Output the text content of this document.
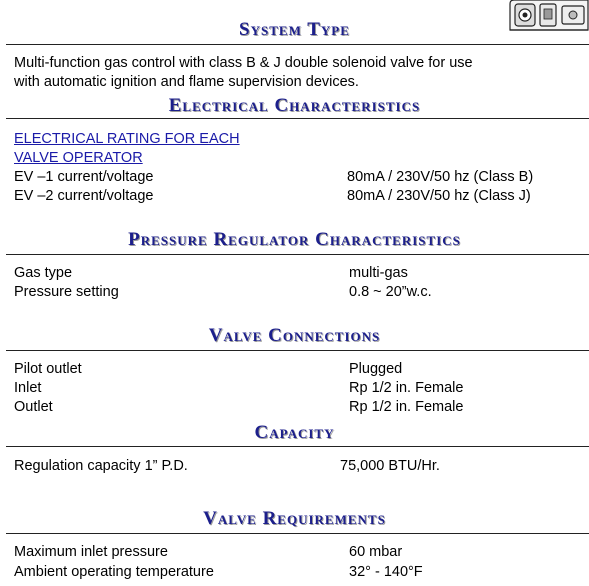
System Type
Multi-function gas control with class B & J double solenoid valve for use
with automatic ignition and flame supervision devices.
Electrical Characteristics
ELECTRICAL RATING FOR EACH
VALVE OPERATOR
EV –1 current/voltage	80mA / 230V/50 hz (Class B)
EV –2 current/voltage	80mA / 230V/50 hz (Class J)
Pressure Regulator Characteristics
Gas type	multi-gas
Pressure setting	0.8 ~ 20”w.c.
Valve Connections
Pilot outlet	Plugged
Inlet	Rp 1/2 in. Female
Outlet	Rp 1/2 in. Female
Capacity
Regulation capacity 1” P.D.	75,000 BTU/Hr.
Valve Requirements
Maximum inlet pressure	60 mbar
Ambient operating temperature	32° - 140°F
